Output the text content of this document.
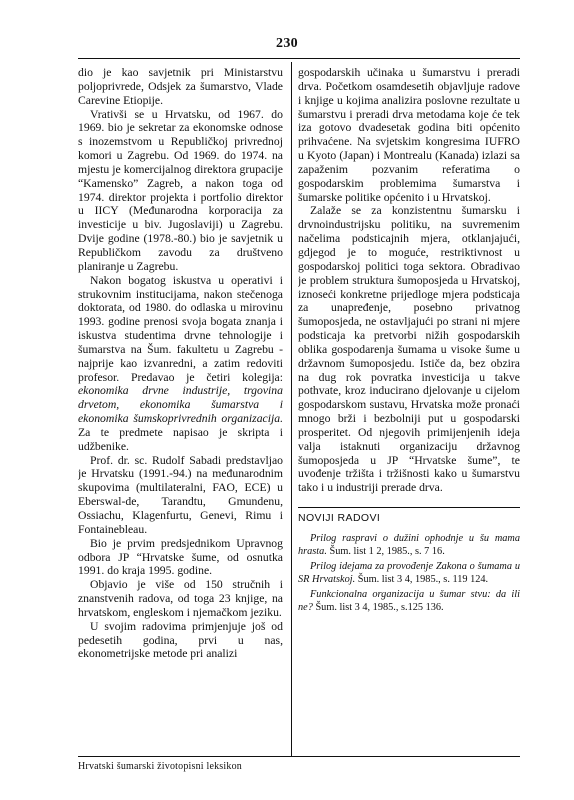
230

dio je kao savjetnik pri Ministarstvu poljoprivrede, Odsjek za šumarstvo, Vlade Carevine Etiopije.

Vrativši se u Hrvatsku, od 1967. do 1969. bio je sekretar za ekonomske odnose s inozemstvom u Republičkoj privrednoj komori u Zagrebu. Od 1969. do 1974. na mjestu je komercijalnog direktora grupacije “Kamensko” Zagreb, a nakon toga od 1974. direktor projekta i portfolio direktor u IICY (Međunarodna korporacija za investicije u biv. Jugoslaviji) u Zagrebu. Dvije godine (1978.-80.) bio je savjetnik u Republičkom zavodu za društveno planiranje u Zagrebu.

Nakon bogatog iskustva u operativi i strukovnim institucijama, nakon stečenoga doktorata, od 1980. do odlaska u mirovinu 1993. godine prenosi svoja bogata znanja i iskustva studentima drvne tehnologije i šumarstva na Šum. fakultetu u Zagrebu - najprije kao izvanredni, a zatim redoviti profesor. Predavao je četiri kolegija: ekonomika drvne industrije, trgovina drvetom, ekonomika šumarstva i ekonomika šumskoprivrednih organizacija. Za te predmete napisao je skripta i udžbenike.

Prof. dr. sc. Rudolf Sabadi predstavljao je Hrvatsku (1991.-94.) na međunarodnim skupovima (multilateralni, FAO, ECE) u Eberswal-de, Tarandtu, Gmundenu, Ossiachu, Klagenfurtu, Genevi, Rimu i Fontainebleau.

Bio je prvim predsjednikom Upravnog odbora JP “Hrvatske šume, od osnutka 1991. do kraja 1995. godine.

Objavio je više od 150 stručnih i znanstvenih radova, od toga 23 knjige, na hrvatskom, engleskom i njemačkom jeziku.

U svojim radovima primjenjuje još od pedesetih godina, prvi u nas, ekonometrijske metode pri analizi

gospodarskih učinaka u šumarstvu i preradi drva. Početkom osamdesetih objavljuje radove i knjige u kojima analizira poslovne rezultate u šumarstvu i preradi drva metodama koje će tek iza gotovo dvadesetak godina biti općenito prihvaćene. Na svjetskim kongresima IUFRO u Kyoto (Japan) i Montrealu (Kanada) izlazi sa zapaženim pozvanim referatima o gospodarskim problemima šumarstva i šumarske politike općenito i u Hrvatskoj.

Zalaže se za konzistentnu šumarsku i drvnoindustrijsku politiku, na suvremenim načelima podsticajnih mjera, otklanjajući, gdjegod je to moguće, restriktivnost u gospodarskoj politici toga sektora. Obradivao je problem struktura šumoposjeda u Hrvatskoj, iznoseći konkretne prijedloge mjera podsticaja za unapređenje, posebno privatnog šumoposjeda, ne ostavljajući po strani ni mjere podsticaja ka pretvorbi nižih gospodarskih oblika gospodarenja šumama u visoke šume u državnom šumoposjedu. Ističe da, bez obzira na dug rok povratka investicija u takve pothvate, kroz inducirano djelovanje u cijelom gospodarskom sustavu, Hrvatska može pronaći mnogo brži i bezbolniji put u gospodarski prosperitet. Od njegovih primijenjenih ideja valja istaknuti organizaciju državnog šumoposjeda u JP “Hrvatske šume”, te uvođenje tržišta i tržišnosti kako u šumarstvu tako i u industriji prerade drva.

NOVIJI RADOVI
Prilog raspravi o dužini ophodnje u šu mama hrasta. Šum. list 1 2, 1985., s. 7 16.
Prilog idejama za provođenje Zakona o šumama u SR Hrvatskoj. Šum. list 3 4, 1985., s. 119 124.
Funkcionalna organizacija u šumar stvu: da ili ne? Šum. list 3 4, 1985., s.125 136.
Hrvatski šumarski životopisni leksikon
